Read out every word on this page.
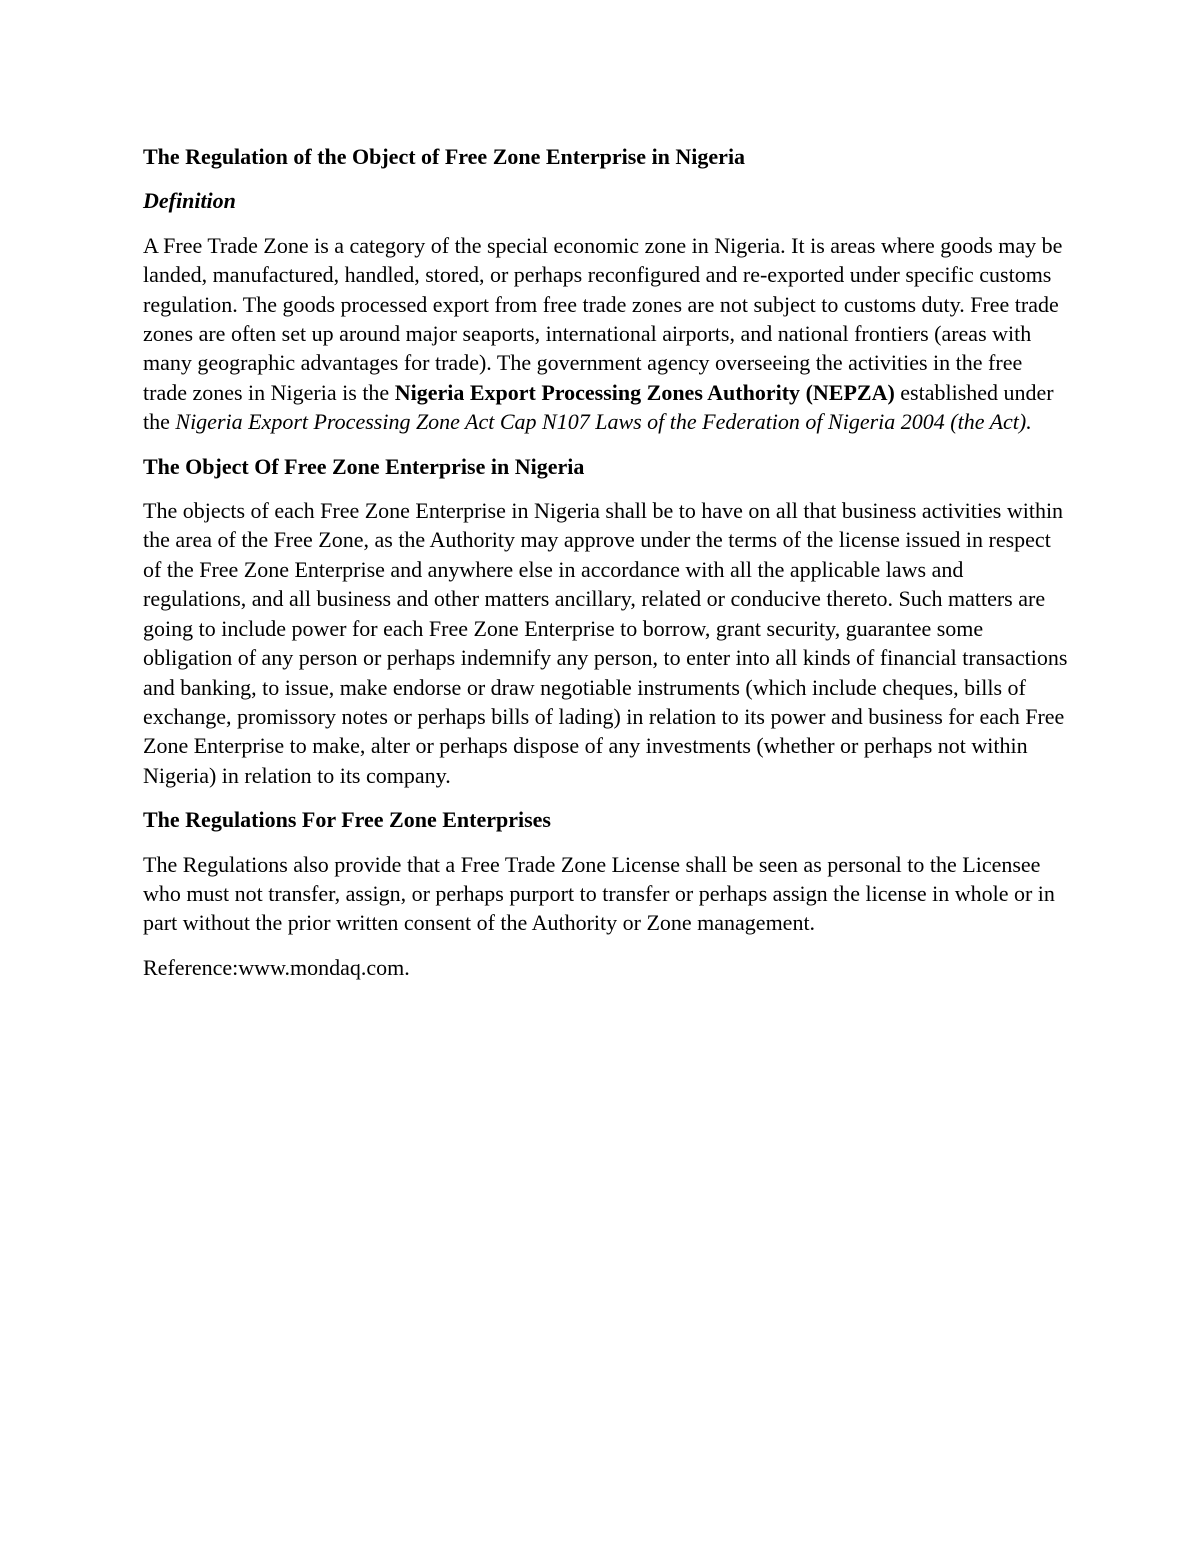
The Regulation of the Object of Free Zone Enterprise in Nigeria
Definition

A Free Trade Zone is a category of the special economic zone in Nigeria. It is areas where goods may be landed, manufactured, handled, stored, or perhaps reconfigured and re-exported under specific customs regulation. The goods processed export from free trade zones are not subject to customs duty. Free trade zones are often set up around major seaports, international airports, and national frontiers (areas with many geographic advantages for trade). The government agency overseeing the activities in the free trade zones in Nigeria is the Nigeria Export Processing Zones Authority (NEPZA) established under the Nigeria Export Processing Zone Act Cap N107 Laws of the Federation of Nigeria 2004 (the Act).

The Object Of Free Zone Enterprise in Nigeria

The objects of each Free Zone Enterprise in Nigeria shall be to have on all that business activities within the area of the Free Zone, as the Authority may approve under the terms of the license issued in respect of the Free Zone Enterprise and anywhere else in accordance with all the applicable laws and regulations, and all business and other matters ancillary, related or conducive thereto. Such matters are going to include power for each Free Zone Enterprise to borrow, grant security, guarantee some obligation of any person or perhaps indemnify any person, to enter into all kinds of financial transactions and banking, to issue, make endorse or draw negotiable instruments (which include cheques, bills of exchange, promissory notes or perhaps bills of lading) in relation to its power and business for each Free Zone Enterprise to make, alter or perhaps dispose of any investments (whether or perhaps not within Nigeria) in relation to its company.

The Regulations For Free Zone Enterprises

The Regulations also provide that a Free Trade Zone License shall be seen as personal to the Licensee who must not transfer, assign, or perhaps purport to transfer or perhaps assign the license in whole or in part without the prior written consent of the Authority or Zone management.

Reference:www.mondaq.com.
